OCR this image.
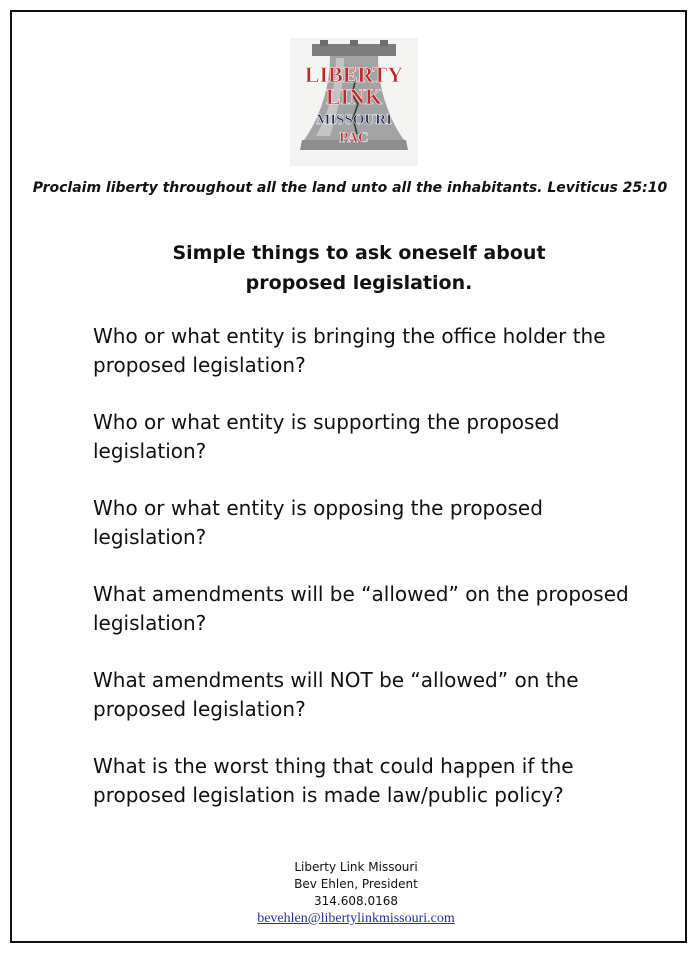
LIBERTY
LINK
MISSOURI
PAC
Proclaim liberty throughout all the land unto all the inhabitants. Leviticus 25:10
Simple things to ask oneself about
proposed legislation.
Who or what entity is bringing the office holder the proposed legislation?
Who or what entity is supporting the proposed legislation?
Who or what entity is opposing the proposed legislation?
What amendments will be “allowed” on the proposed legislation?
What amendments will NOT be “allowed” on the proposed legislation?
What is the worst thing that could happen if the proposed legislation is made law/public policy?
Liberty Link Missouri
Bev Ehlen, President
314.608.0168
bevehlen@libertylinkmissouri.com
